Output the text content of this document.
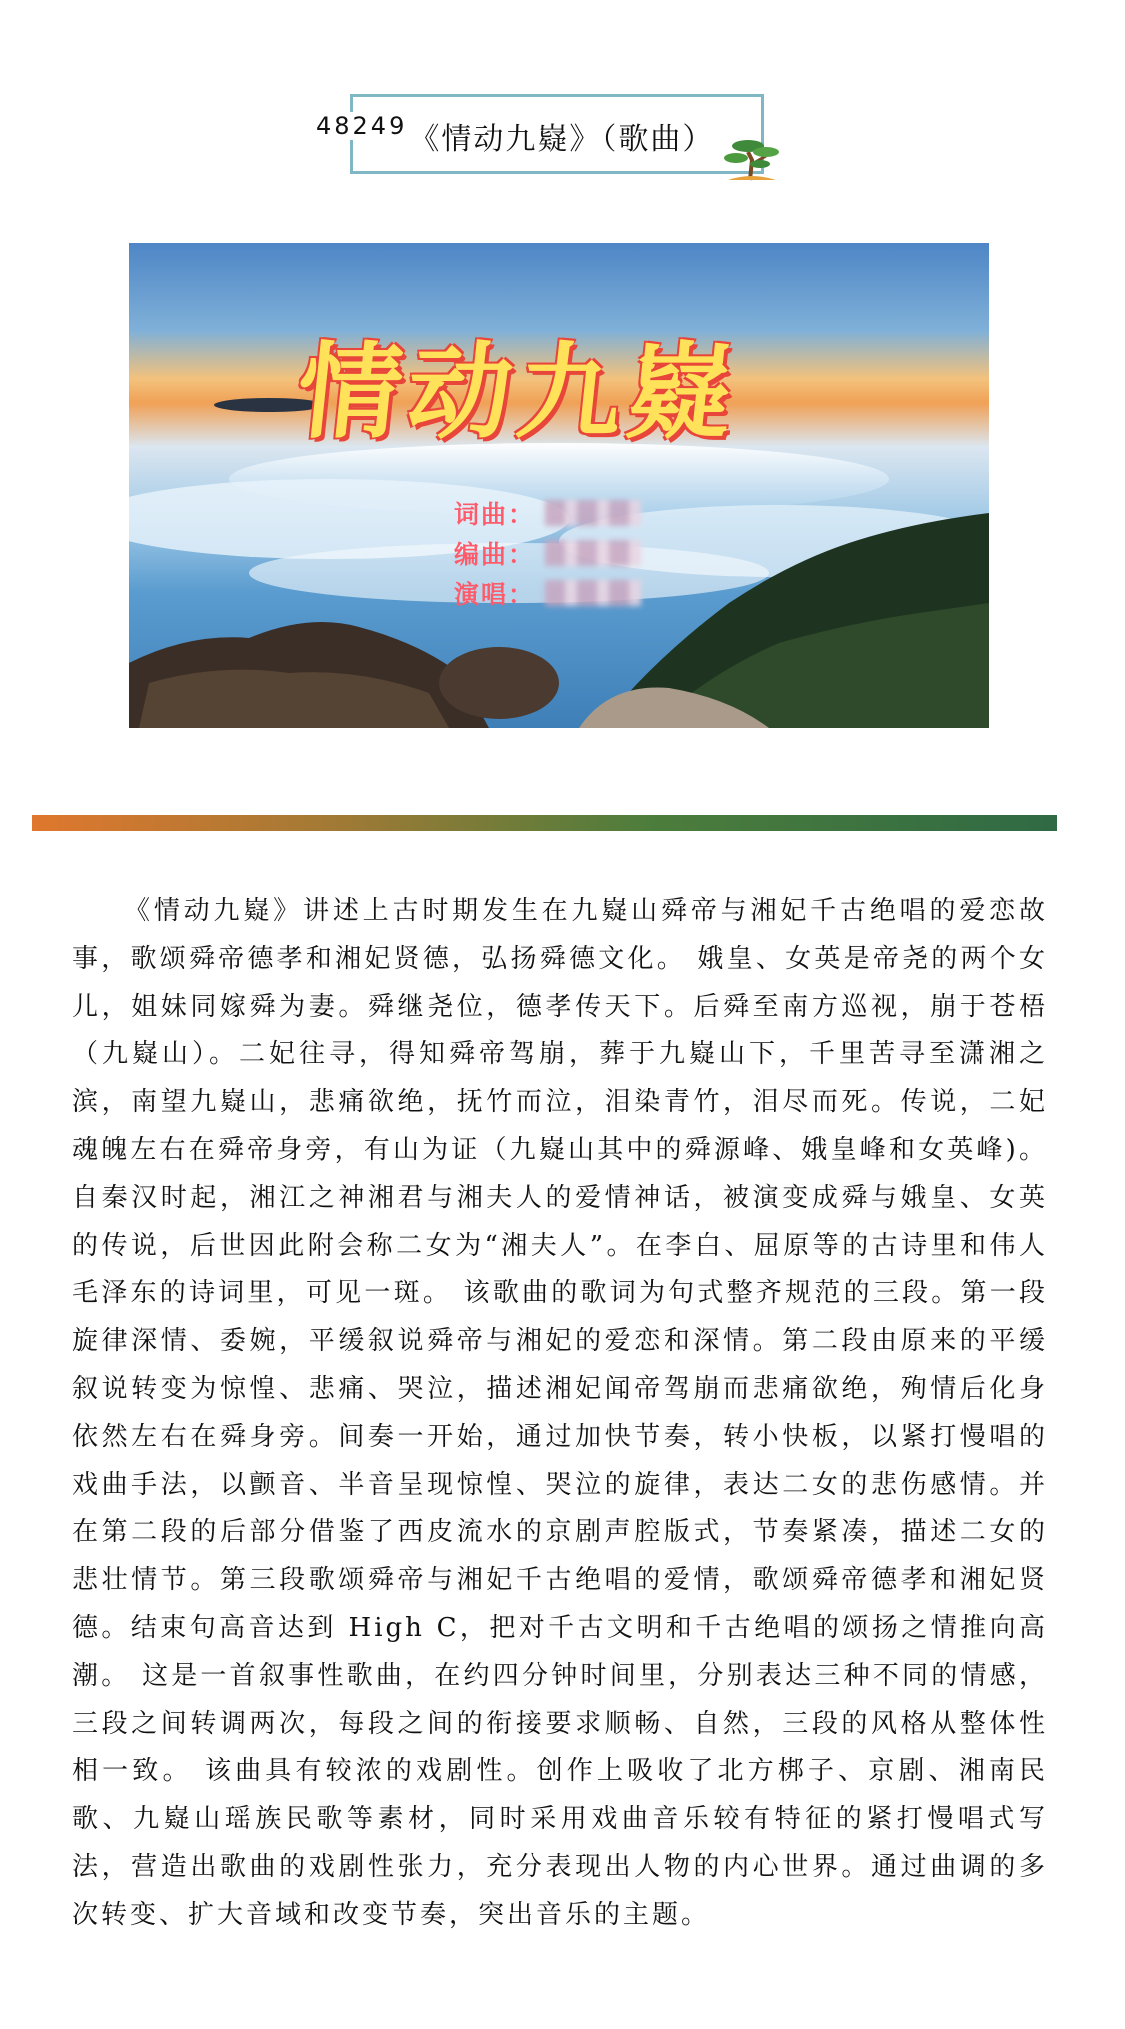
48249 《情动九嶷》（歌曲）
情动九嶷
词曲：
编曲：
演唱：

《情动九嶷》讲述上古时期发生在九嶷山舜帝与湘妃千古绝唱的爱恋故事，歌颂舜帝德孝和湘妃贤德，弘扬舜德文化。 娥皇、女英是帝尧的两个女儿，姐妹同嫁舜为妻。舜继尧位，德孝传天下。后舜至南方巡视，崩于苍梧（九嶷山）。二妃往寻，得知舜帝驾崩，葬于九嶷山下，千里苦寻至潇湘之滨，南望九嶷山，悲痛欲绝，抚竹而泣，泪染青竹，泪尽而死。传说，二妃魂魄左右在舜帝身旁，有山为证（九嶷山其中的舜源峰、娥皇峰和女英峰)。自秦汉时起，湘江之神湘君与湘夫人的爱情神话，被演变成舜与娥皇、女英的传说，后世因此附会称二女为“湘夫人”。在李白、屈原等的古诗里和伟人毛泽东的诗词里，可见一斑。 该歌曲的歌词为句式整齐规范的三段。第一段旋律深情、委婉，平缓叙说舜帝与湘妃的爱恋和深情。第二段由原来的平缓叙说转变为惊惶、悲痛、哭泣，描述湘妃闻帝驾崩而悲痛欲绝，殉情后化身依然左右在舜身旁。间奏一开始，通过加快节奏，转小快板，以紧打慢唱的戏曲手法，以颤音、半音呈现惊惶、哭泣的旋律，表达二女的悲伤感情。并在第二段的后部分借鉴了西皮流水的京剧声腔版式，节奏紧凑，描述二女的悲壮情节。第三段歌颂舜帝与湘妃千古绝唱的爱情，歌颂舜帝德孝和湘妃贤德。结束句高音达到 High C，把对千古文明和千古绝唱的颂扬之情推向高潮。 这是一首叙事性歌曲，在约四分钟时间里，分别表达三种不同的情感，三段之间转调两次，每段之间的衔接要求顺畅、自然，三段的风格从整体性相一致。 该曲具有较浓的戏剧性。创作上吸收了北方梆子、京剧、湘南民歌、九嶷山瑶族民歌等素材，同时采用戏曲音乐较有特征的紧打慢唱式写法，营造出歌曲的戏剧性张力，充分表现出人物的内心世界。通过曲调的多次转变、扩大音域和改变节奏，突出音乐的主题。
